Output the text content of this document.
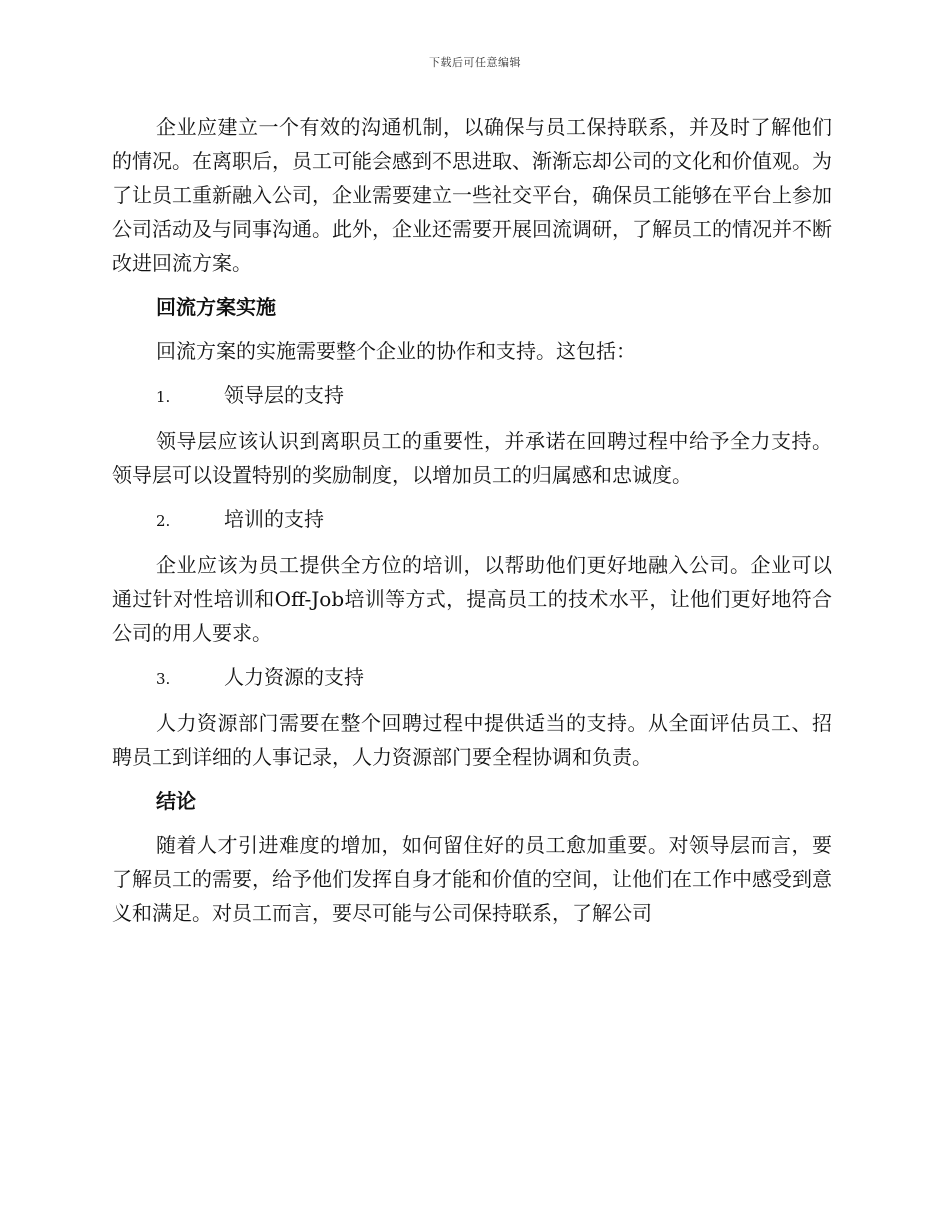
下载后可任意编辑

企业应建立一个有效的沟通机制，以确保与员工保持联系，并及时了解他们的情况。在离职后，员工可能会感到不思进取、渐渐忘却公司的文化和价值观。为了让员工重新融入公司，企业需要建立一些社交平台，确保员工能够在平台上参加公司活动及与同事沟通。此外，企业还需要开展回流调研，了解员工的情况并不断改进回流方案。

回流方案实施

回流方案的实施需要整个企业的协作和支持。这包括：

1.	领导层的支持

领导层应该认识到离职员工的重要性，并承诺在回聘过程中给予全力支持。 领导层可以设置特别的奖励制度，以增加员工的归属感和忠诚度。

2.	培训的支持

企业应该为员工提供全方位的培训，以帮助他们更好地融入公司。企业可以通过针对性培训和Off-Job培训等方式，提高员工的技术水平，让他们更好地符合公司的用人要求。

3.	人力资源的支持

人力资源部门需要在整个回聘过程中提供适当的支持。从全面评估员工、招聘员工到详细的人事记录，人力资源部门要全程协调和负责。

结论

随着人才引进难度的增加，如何留住好的员工愈加重要。对领导层而言，要了解员工的需要，给予他们发挥自身才能和价值的空间，让他们在工作中感受到意义和满足。对员工而言，要尽可能与公司保持联系，了解公司
